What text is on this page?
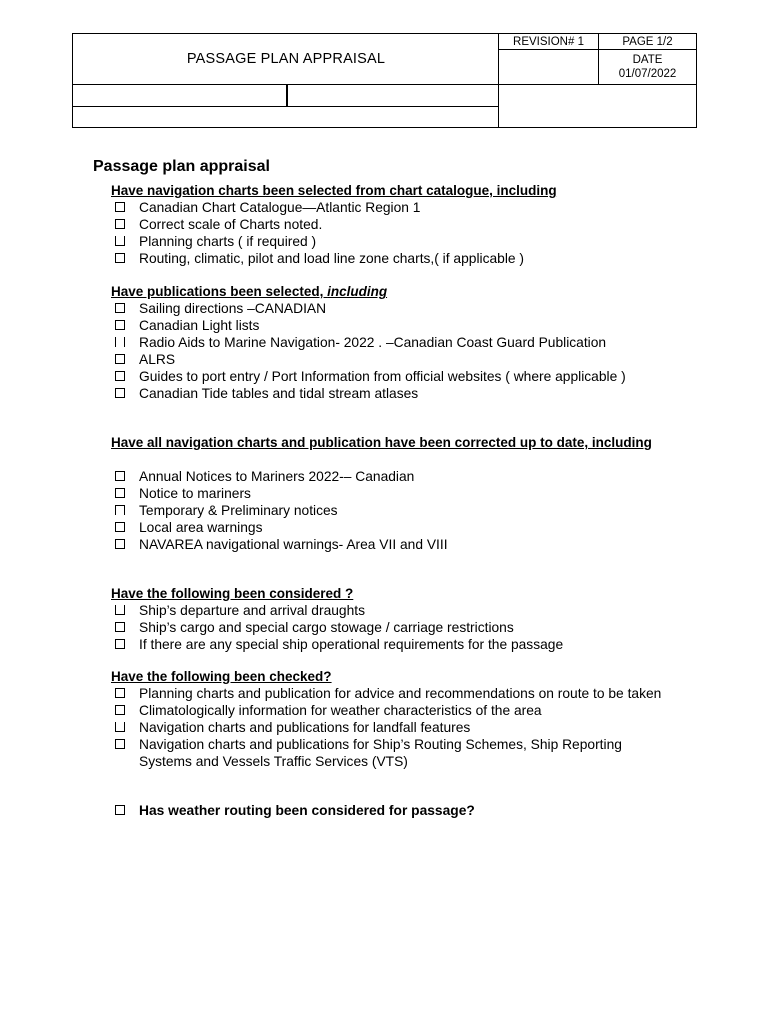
PASSAGE PLAN APPRAISAL
REVISION# 1	PAGE 1/2
DATE
01/07/2022
Passage plan appraisal
Have navigation charts been selected from chart catalogue, including
Canadian Chart Catalogue—Atlantic Region 1
Correct scale of Charts noted.
Planning charts ( if required )
Routing, climatic, pilot and load line zone charts,( if applicable )
Have publications been selected, including
Sailing directions –CANADIAN
Canadian Light lists
Radio Aids to Marine Navigation- 2022 . –Canadian Coast Guard Publication
ALRS
Guides to port entry / Port Information from official websites ( where applicable )
Canadian Tide tables and tidal stream atlases
Have all navigation charts and publication have been corrected up to date, including
Annual Notices to Mariners 2022-– Canadian
Notice to mariners
Temporary & Preliminary notices
Local area warnings
NAVAREA navigational warnings- Area VII and VIII
Have the following been considered ?
Ship’s departure and arrival draughts
Ship’s cargo and special cargo stowage / carriage restrictions
If there are any special ship operational requirements for the passage
Have the following been checked?
Planning charts and publication for advice and recommendations on route to be taken
Climatologically information for weather characteristics of the area
Navigation charts and publications for landfall features
Navigation charts and publications for Ship’s Routing Schemes, Ship Reporting Systems and Vessels Traffic Services (VTS)
Has weather routing been considered for passage?
